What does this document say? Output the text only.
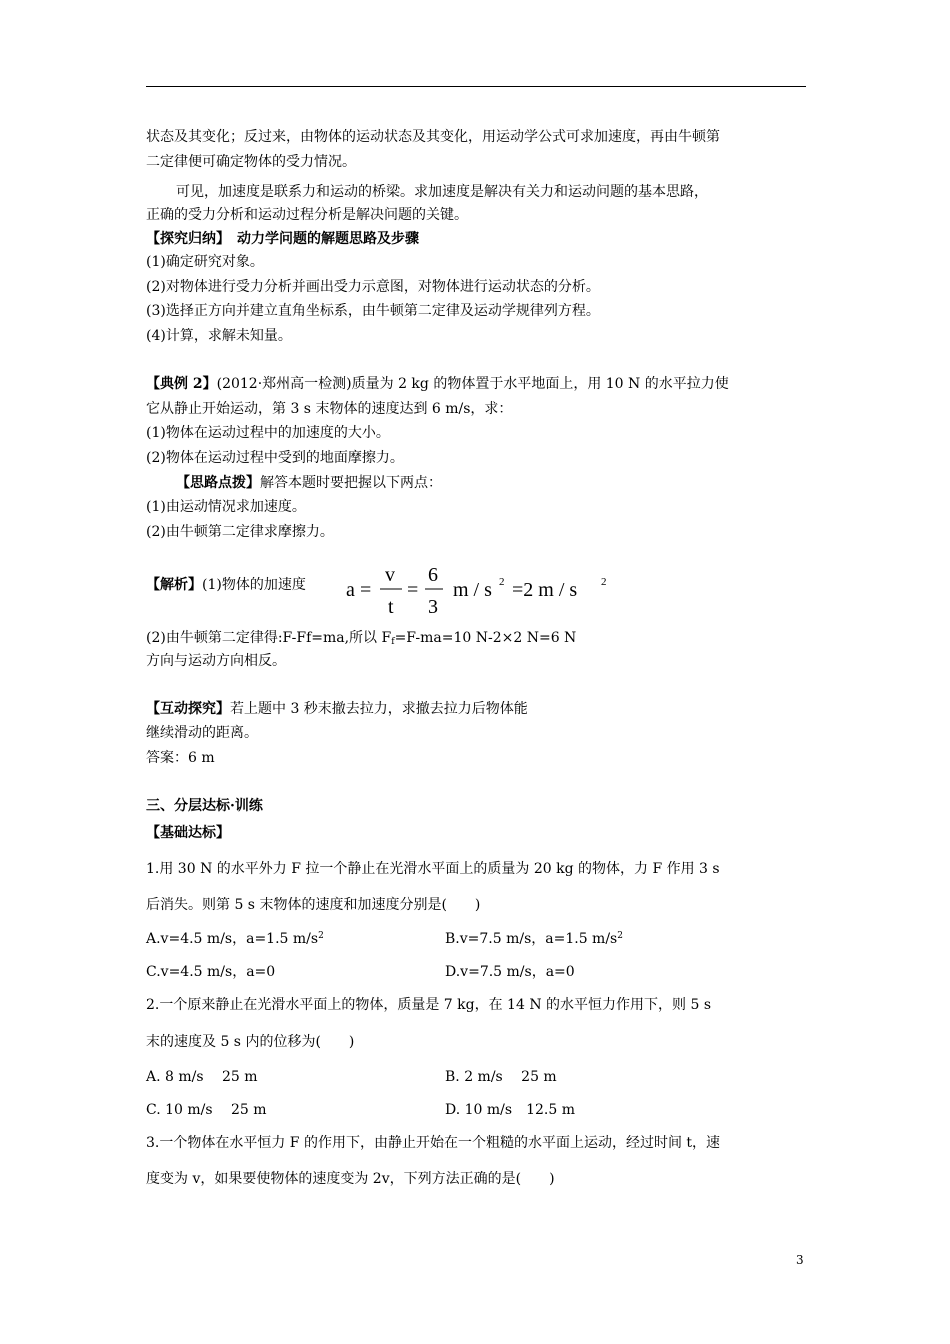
状态及其变化；反过来，由物体的运动状态及其变化，用运动学公式可求加速度，再由牛顿第
二定律便可确定物体的受力情况。
可见，加速度是联系力和运动的桥梁。求加速度是解决有关力和运动问题的基本思路，
正确的受力分析和运动过程分析是解决问题的关键。
【探究归纳】　动力学问题的解题思路及步骤
(1)确定研究对象。
(2)对物体进行受力分析并画出受力示意图，对物体进行运动状态的分析。
(3)选择正方向并建立直角坐标系，由牛顿第二定律及运动学规律列方程。
(4)计算，求解未知量。
【典例 2】(2012·郑州高一检测)质量为 2 kg 的物体置于水平地面上，用 10 N 的水平拉力使
它从静止开始运动，第 3 s 末物体的速度达到 6 m/s，求：
(1)物体在运动过程中的加速度的大小。
(2)物体在运动过程中受到的地面摩擦力。
【思路点拨】解答本题时要把握以下两点：
(1)由运动情况求加速度。
(2)由牛顿第二定律求摩擦力。
【解析】(1)物体的加速度	a =
v
t
=
6
3
m / s 2 =2 m / s 2
(2)由牛顿第二定律得:F-Ff=ma,所以 $F_f=F-ma=10$ N-2×2 N=6 N
方向与运动方向相反。
【互动探究】若上题中 3 秒末撤去拉力，求撤去拉力后物体能
继续滑动的距离。
答案：6 m
三、分层达标·训练
【基础达标】
1.用 30 N 的水平外力 F 拉一个静止在光滑水平面上的质量为 20 kg 的物体，力 F 作用 3 s
后消失。则第 5 s 末物体的速度和加速度分别是(　　)
A.v=4.5 m/s，a=1.5 $m/s^2$	B.v=7.5 m/s，a=1.5 $m/s^2$
C.v=4.5 m/s，a=0	D.v=7.5 m/s，a=0
2.一个原来静止在光滑水平面上的物体，质量是 7 kg，在 14 N 的水平恒力作用下，则 5 s
末的速度及 5 s 内的位移为(　　)
A. 8 m/s　 25 m	B. 2 m/s　 25 m
C. 10 m/s　 25 m	D. 10 m/s　12.5 m
3.一个物体在水平恒力 F 的作用下，由静止开始在一个粗糙的水平面上运动，经过时间 t，速
度变为 v，如果要使物体的速度变为 2v，下列方法正确的是(　　)
3
